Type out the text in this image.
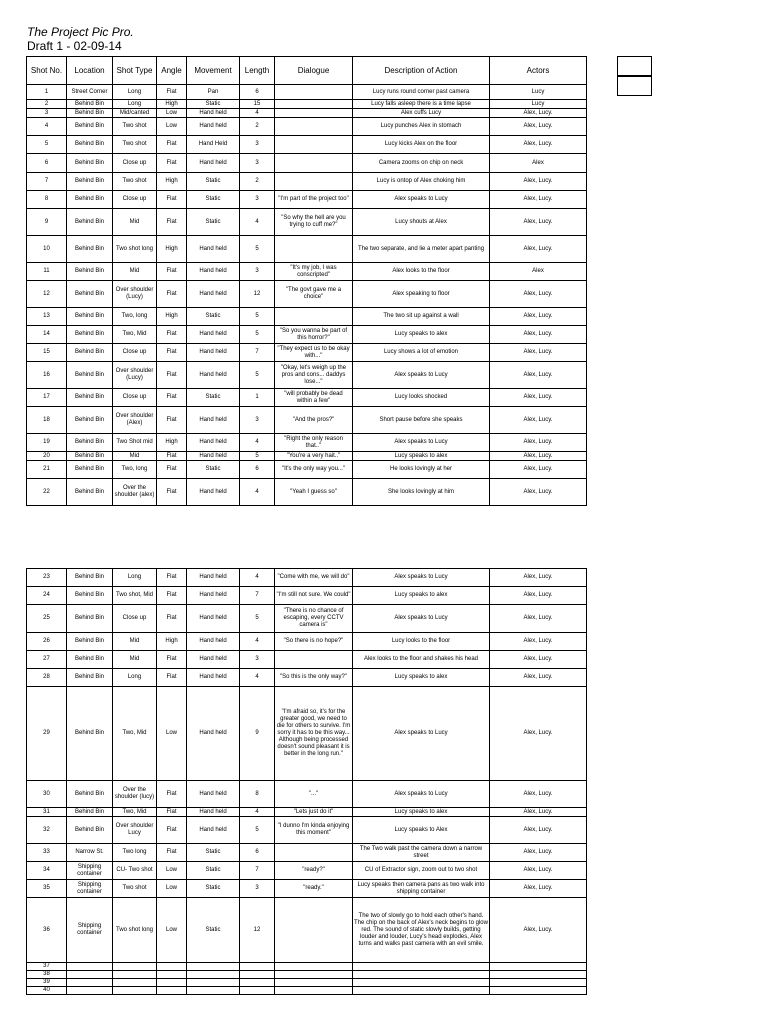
The Project Pic Pro.
Draft 1 - 02-09-14
Shot No.	Location	Shot Type	Angle	Movement	Length	Dialogue	Description of Action	Actors
1	Street Corner	Long	Flat	Pan	6		Lucy runs round corner past camera	Lucy
2	Behind Bin	Long	High	Static	15		Lucy falls asleep there is a time lapse	Lucy
3	Behind Bin	Mid/canted	Low	Hand held	4		Alex cuffs Lucy	Alex, Lucy.
4	Behind Bin	Two shot	Low	Hand held	2		Lucy punches Alex in stomach	Alex, Lucy.
5	Behind Bin	Two shot	Flat	Hand Held	3		Lucy kicks Alex on the floor	Alex, Lucy.
6	Behind Bin	Close up	Flat	Hand held	3		Camera zooms on chip on neck	Alex
7	Behind Bin	Two shot	High	Static	2		Lucy is ontop of Alex choking him	Alex, Lucy.
8	Behind Bin	Close up	Flat	Static	3	"I'm part of the project too"	Alex speaks to Lucy	Alex, Lucy.
9	Behind Bin	Mid	Flat	Static	4	"So why the hell are you trying to cuff me?"	Lucy shouts at Alex	Alex, Lucy.
10	Behind Bin	Two shot long	High	Hand held	5		The two separate, and lie a meter apart panting	Alex, Lucy.
11	Behind Bin	Mid	Flat	Hand held	3	"It's my job, I was conscripted"	Alex looks to the floor	Alex
12	Behind Bin	Over shoulder (Lucy)	Flat	Hand held	12	"The govt gave me a choice"	Alex speaking to floor	Alex, Lucy.
13	Behind Bin	Two, long	High	Static	5		The two sit up against a wall	Alex, Lucy.
14	Behind Bin	Two, Mid	Flat	Hand held	5	"So you wanna be part of this horror?"	Lucy speaks to alex	Alex, Lucy.
15	Behind Bin	Close up	Flat	Hand held	7	"They expect us to be okay with..."	Lucy shows a lot of emotion	Alex, Lucy.
16	Behind Bin	Over shoulder (Lucy)	Flat	Hand held	5	"Okay, let's weigh up the pros and cons... daddys lose..."	Alex speaks to Lucy	Alex, Lucy.
17	Behind Bin	Close up	Flat	Static	1	"will probably be dead within a few"	Lucy looks shocked	Alex, Lucy.
18	Behind Bin	Over shoulder (Alex)	Flat	Hand held	3	"And the pros?"	Short pause before she speaks	Alex, Lucy.
19	Behind Bin	Two Shot mid	High	Hand held	4	"Right the only reason that.."	Alex speaks to Lucy	Alex, Lucy.
20	Behind Bin	Mid	Flat	Hand held	5	"You're a very hait.."	Lucy speaks to alex	Alex, Lucy.
21	Behind Bin	Two, long	Flat	Static	6	"It's the only way you..."	He looks lovingly at her	Alex, Lucy.
22	Behind Bin	Over the shoulder (alex)	Flat	Hand held	4	"Yeah I guess so"	She looks lovingly at him	Alex, Lucy.
23	Behind Bin	Long	Flat	Hand held	4	"Come with me, we will do"	Alex speaks to Lucy	Alex, Lucy.
24	Behind Bin	Two shot, Mid	Flat	Hand held	7	"I'm still not sure. We could"	Lucy speaks to alex	Alex, Lucy.
25	Behind Bin	Close up	Flat	Hand held	5	"There is no chance of escaping, every CCTV camera is"	Alex speaks to Lucy	Alex, Lucy.
26	Behind Bin	Mid	High	Hand held	4	"So there is no hope?"	Lucy looks to the floor	Alex, Lucy.
27	Behind Bin	Mid	Flat	Hand held	3		Alex looks to the floor and shakes his head	Alex, Lucy.
28	Behind Bin	Long	Flat	Hand held	4	"So this is the only way?"	Lucy speaks to alex	Alex, Lucy.
29	Behind Bin	Two, Mid	Low	Hand held	9	"I'm afraid so, it's for the greater good, we need to die for others to survive. I'm sorry it has to be this way... Although being processed doesn't sound pleasant it is better in the long run."	Alex speaks to Lucy	Alex, Lucy.
30	Behind Bin	Over the shoulder (lucy)	Flat	Hand held	8	"..."	Alex speaks to Lucy	Alex, Lucy.
31	Behind Bin	Two, Mid	Flat	Hand held	4	"Lets just do it"	Lucy speaks to alex	Alex, Lucy.
32	Behind Bin	Over shoulder Lucy	Flat	Hand held	5	"I dunno I'm kinda enjoying this moment"	Lucy speaks to Alex	Alex, Lucy.
33	Narrow St.	Two long	Flat	Static	6		The Two walk past the camera down a narrow street	Alex, Lucy.
34	Shipping container	CU- Two shot	Low	Static	7	"ready?"	CU of Extractor sign, zoom out to two shot	Alex, Lucy.
35	Shipping container	Two shot	Low	Static	3	"ready."	Lucy speaks then camera pans as two walk into shipping container	Alex, Lucy.
36	Shipping container	Two shot long	Low	Static	12		The two of slowly go to hold each other's hand. The chip on the back of Alex's neck begins to glow red. The sound of static slowly builds, getting louder and louder, Lucy's head explodes, Alex turns and walks past camera with an evil smile.	Alex, Lucy.
37								
38								
39								
40								
